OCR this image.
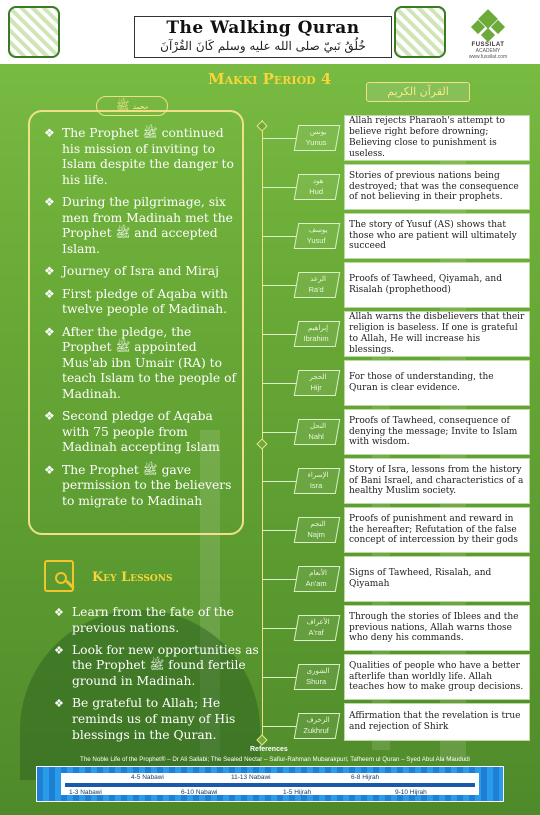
The Walking Quran
خُلُقُ نَبيّ صلى الله عليه وسلم كَانَ القُرْآنَ	FUSSILAT
ACADEMY
www.fussilat.com
Makki Period 4
القرآن الكريم
محمد ﷺ
❖ The Prophet ﷺ continued his mission of inviting to Islam despite the danger to his life.
❖ During the pilgrimage, six men from Madinah met the Prophet ﷺ and accepted Islam.
❖ Journey of Isra and Miraj
❖ First pledge of Aqaba with twelve people of Madinah.
❖ After the pledge, the Prophet ﷺ appointed Mus'ab ibn Umair (RA) to teach Islam to the people of Madinah.
❖ Second pledge of Aqaba with 75 people from Madinah accepting Islam
❖ The Prophet ﷺ gave permission to the believers to migrate to Madinah
Key Lessons
❖ Learn from the fate of the previous nations.
❖ Look for new opportunities as the Prophet ﷺ found fertile ground in Madinah.
❖ Be grateful to Allah; He reminds us of many of His blessings in the Quran.
يونس
Yunus
Allah rejects Pharaoh's attempt to believe right before drowning; Believing close to punishment is useless.
هود
Hud
Stories of previous nations being destroyed; that was the consequence of not believing in their prophets.
يوسف
Yusuf
The story of Yusuf (AS) shows that those who are patient will ultimately succeed
الرعد
Ra'd
Proofs of Tawheed, Qiyamah, and Risalah (prophethood)
إبراهيم
Ibrahim
Allah warns the disbelievers that their religion is baseless. If one is grateful to Allah, He will increase his blessings.
الحجر
Hijr
For those of understanding, the Quran is clear evidence.
النحل
Nahl
Proofs of Tawheed, consequence of denying the message; Invite to Islam with wisdom.
الإسراء
Isra
Story of Isra, lessons from the history of Bani Israel, and characteristics of a healthy Muslim society.
النجم
Najm
Proofs of punishment and reward in the hereafter; Refutation of the false concept of intercession by their gods
الأنعام
An'am
Signs of Tawheed, Risalah, and Qiyamah
الأعراف
A'raf
Through the stories of Iblees and the previous nations, Allah warns those who deny his commands.
الشورى
Shura
Qualities of people who have a better afterlife than worldly life. Allah teaches how to make group decisions.
الزخرف
Zukhruf
Affirmation that the revelation is true and rejection of Shirk
References
The Noble Life of the Prophet® – Dr Ali Sallabi; The Sealed Nectar – Safiur-Rahman Mubarakpuri; Tafheem ul Quran – Syed Abul Ala Maududi
4-5 Nabawi	11-13 Nabawi	6-8 Hijrah
1-3 Nabawi	6-10 Nabawi	1-5 Hijrah	9-10 Hijrah
